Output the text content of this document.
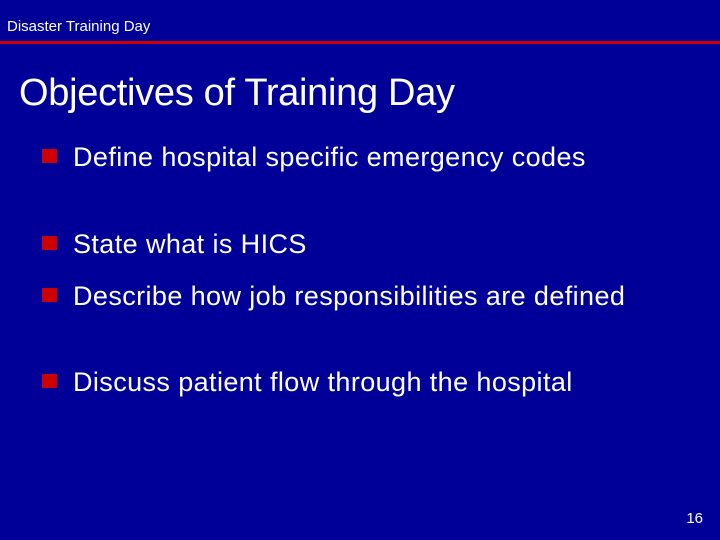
Disaster Training Day
Objectives of Training Day
Define hospital specific emergency codes
State what is HICS
Describe how job responsibilities are defined
Discuss patient flow through the hospital
16
